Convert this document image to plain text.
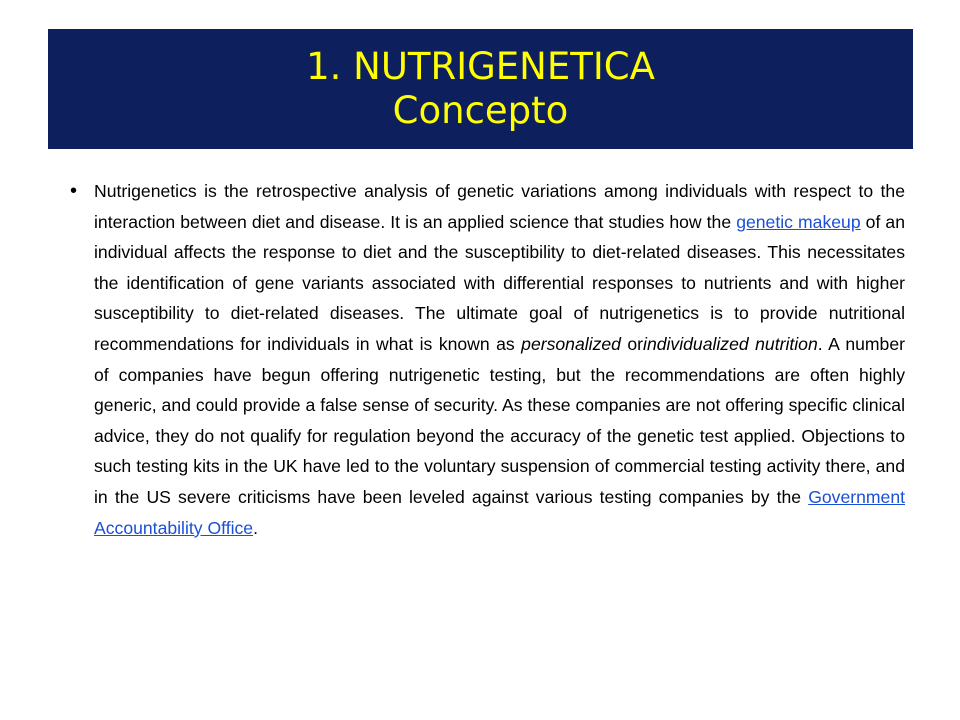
1. NUTRIGENETICA
Concepto
• Nutrigenetics is the retrospective analysis of genetic variations among individuals with respect to the interaction between diet and disease. It is an applied science that studies how the genetic makeup of an individual affects the response to diet and the susceptibility to diet-related diseases. This necessitates the identification of gene variants associated with differential responses to nutrients and with higher susceptibility to diet-related diseases. The ultimate goal of nutrigenetics is to provide nutritional recommendations for individuals in what is known as personalized orindividualized nutrition. A number of companies have begun offering nutrigenetic testing, but the recommendations are often highly generic, and could provide a false sense of security. As these companies are not offering specific clinical advice, they do not qualify for regulation beyond the accuracy of the genetic test applied. Objections to such testing kits in the UK have led to the voluntary suspension of commercial testing activity there, and in the US severe criticisms have been leveled against various testing companies by the Government Accountability Office.
